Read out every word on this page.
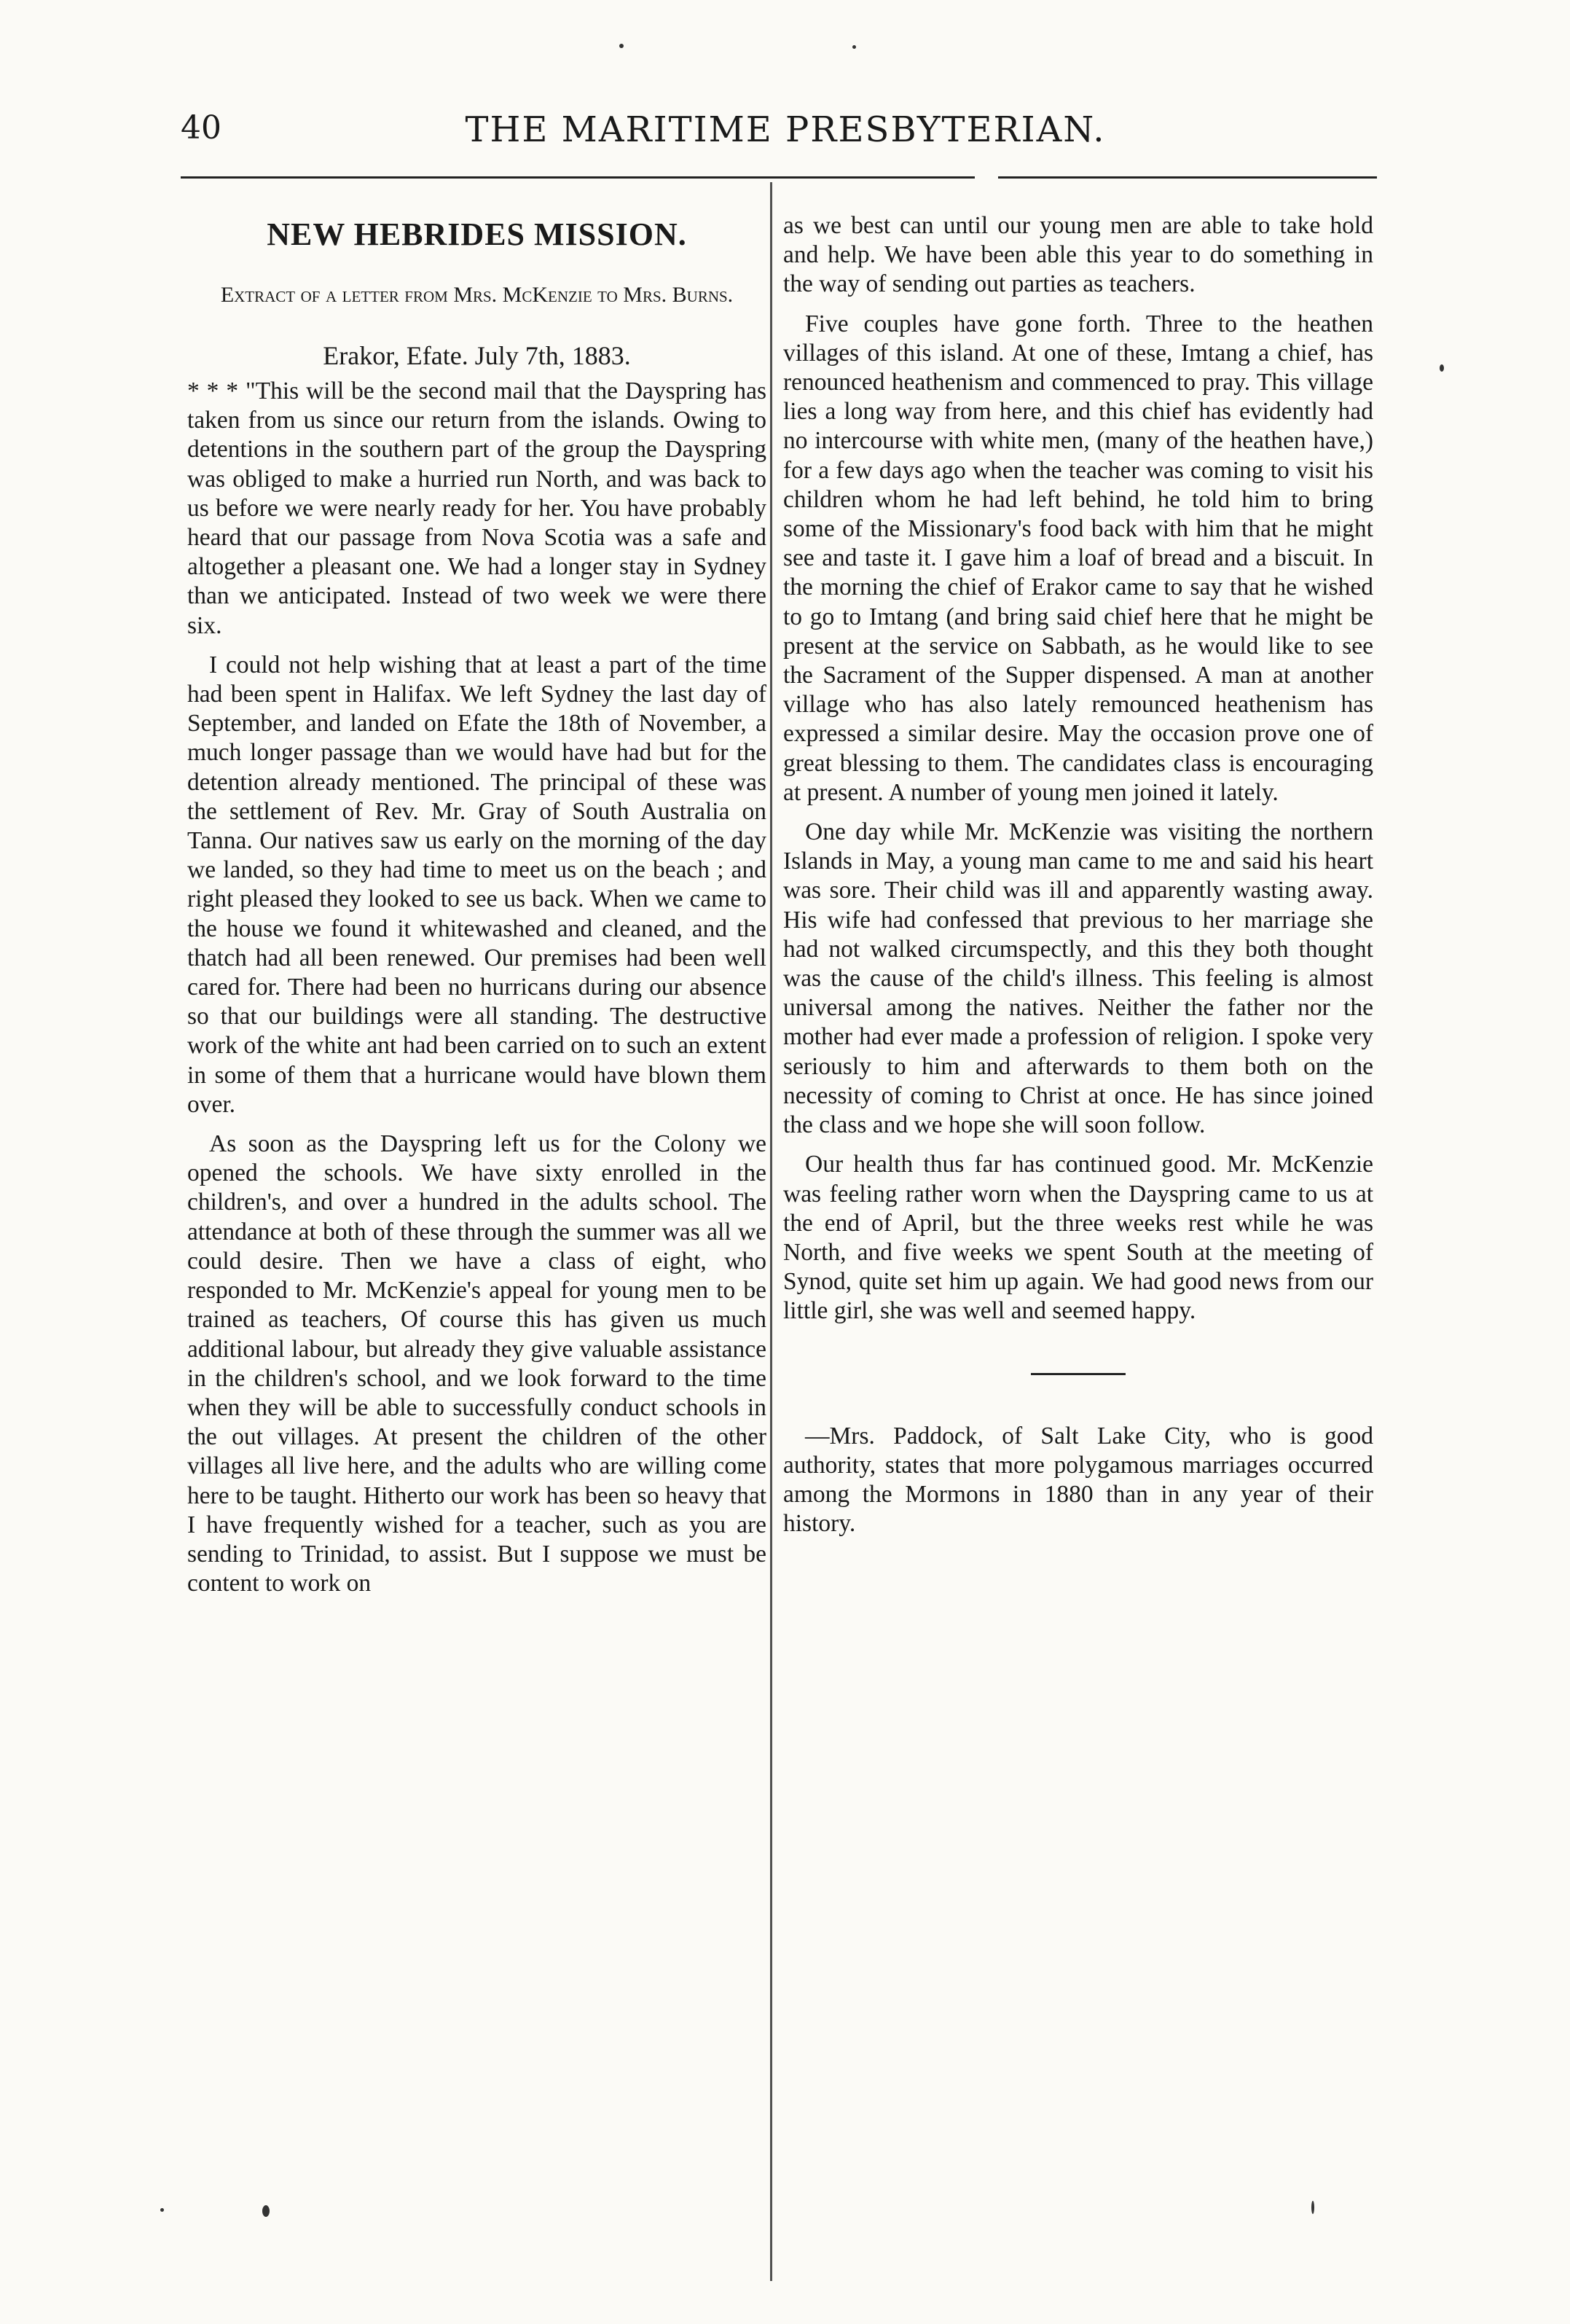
40	THE MARITIME PRESBYTERIAN.
NEW HEBRIDES MISSION.
Extract of a letter from Mrs. McKenzie to Mrs. Burns.
Erakor, Efate. July 7th, 1883.

* * * "This will be the second mail that the Dayspring has taken from us since our return from the islands. Owing to detentions in the southern part of the group the Dayspring was obliged to make a hurried run North, and was back to us before we were nearly ready for her. You have probably heard that our passage from Nova Scotia was a safe and altogether a pleasant one. We had a longer stay in Sydney than we anticipated. Instead of two week we were there six.

I could not help wishing that at least a part of the time had been spent in Halifax. We left Sydney the last day of September, and landed on Efate the 18th of November, a much longer passage than we would have had but for the detention already mentioned. The principal of these was the settlement of Rev. Mr. Gray of South Australia on Tanna. Our natives saw us early on the morning of the day we landed, so they had time to meet us on the beach ; and right pleased they looked to see us back. When we came to the house we found it whitewashed and cleaned, and the thatch had all been renewed. Our premises had been well cared for. There had been no hurricans during our absence so that our buildings were all standing. The destructive work of the white ant had been carried on to such an extent in some of them that a hurricane would have blown them over.

As soon as the Dayspring left us for the Colony we opened the schools. We have sixty enrolled in the children's, and over a hundred in the adults school. The attendance at both of these through the summer was all we could desire. Then we have a class of eight, who responded to Mr. McKenzie's appeal for young men to be trained as teachers, Of course this has given us much additional labour, but already they give valuable assistance in the children's school, and we look forward to the time when they will be able to successfully conduct schools in the out villages. At present the children of the other villages all live here, and the adults who are willing come here to be taught. Hitherto our work has been so heavy that I have frequently wished for a teacher, such as you are sending to Trinidad, to assist. But I suppose we must be content to work on

as we best can until our young men are able to take hold and help. We have been able this year to do something in the way of sending out parties as teachers.

Five couples have gone forth. Three to the heathen villages of this island. At one of these, Imtang a chief, has renounced heathenism and commenced to pray. This village lies a long way from here, and this chief has evidently had no intercourse with white men, (many of the heathen have,) for a few days ago when the teacher was coming to visit his children whom he had left behind, he told him to bring some of the Missionary's food back with him that he might see and taste it. I gave him a loaf of bread and a biscuit. In the morning the chief of Erakor came to say that he wished to go to Imtang (and bring said chief here that he might be present at the service on Sabbath, as he would like to see the Sacrament of the Supper dispensed. A man at another village who has also lately remounced heathenism has expressed a similar desire. May the occasion prove one of great blessing to them. The candidates class is encouraging at present. A number of young men joined it lately.

One day while Mr. McKenzie was visiting the northern Islands in May, a young man came to me and said his heart was sore. Their child was ill and apparently wasting away. His wife had confessed that previous to her marriage she had not walked circumspectly, and this they both thought was the cause of the child's illness. This feeling is almost universal among the natives. Neither the father nor the mother had ever made a profession of religion. I spoke very seriously to him and afterwards to them both on the necessity of coming to Christ at once. He has since joined the class and we hope she will soon follow.

Our health thus far has continued good. Mr. McKenzie was feeling rather worn when the Dayspring came to us at the end of April, but the three weeks rest while he was North, and five weeks we spent South at the meeting of Synod, quite set him up again. We had good news from our little girl, she was well and seemed happy.

—Mrs. Paddock, of Salt Lake City, who is good authority, states that more polygamous marriages occurred among the Mormons in 1880 than in any year of their history.
